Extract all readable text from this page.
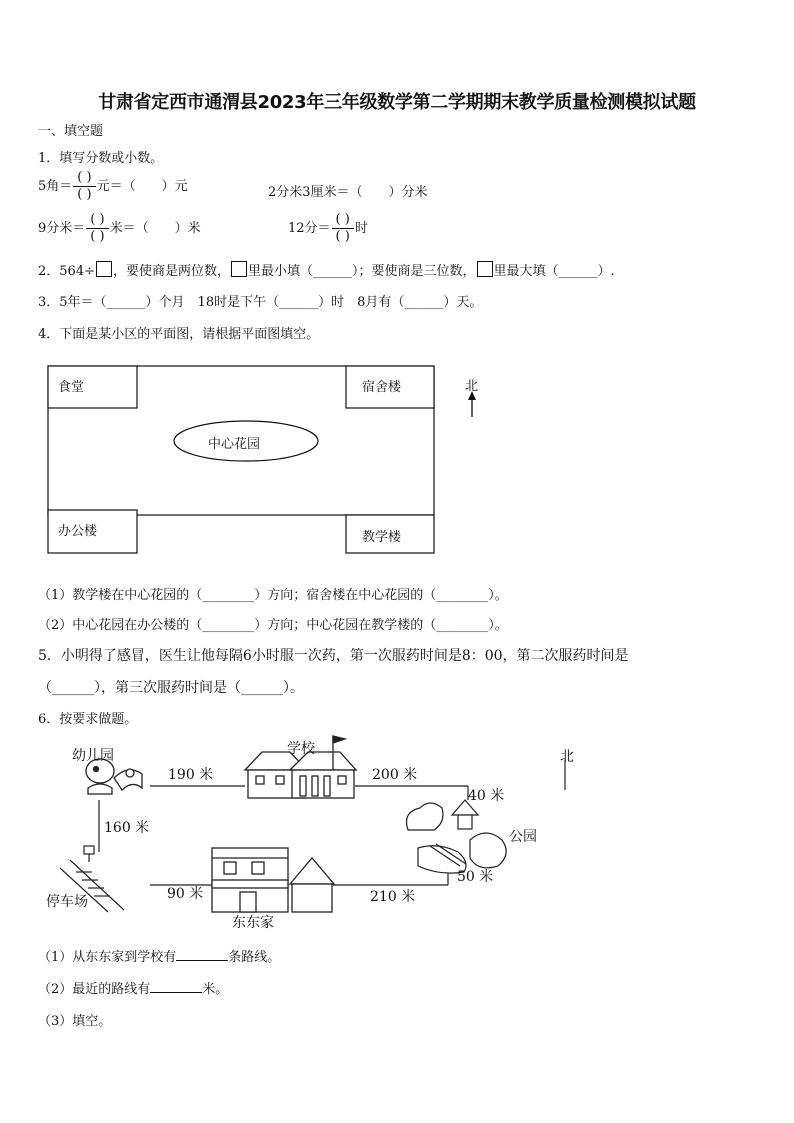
甘肃省定西市通渭县2023年三年级数学第二学期期末教学质量检测模拟试题
一、填空题
1．填写分数或小数。
5角＝ $\frac{( )}{( )}$ 元＝（　　）元	2分米3厘米＝（　　）分米
9分米＝ $\frac{( )}{( )}$ 米＝（　　）米	12分＝ $\frac{( )}{( )}$ 时
2．564÷ ，要使商是两位数， 里最小填（______）；要使商是三位数， 里最大填（______）.
3．5年＝（______）个月　18时是下午（______）时　8月有（______）天。
4．下面是某小区的平面图，请根据平面图填空。
食堂	宿舍楼
中心花园
办公楼	教学楼
北
（1）教学楼在中心花园的（________）方向；宿舍楼在中心花园的（________）。
（2）中心花园在办公楼的（________）方向；中心花园在教学楼的（________）。
5．小明得了感冒，医生让他每隔6小时服一次药，第一次服药时间是8：00，第二次服药时间是
（______），第三次服药时间是（______）。
6．按要求做题。
幼儿园	学校
公园
停车场
东东家
北
190 米	200 米
40 米
160 米
50 米
90 米	210 米
（1）从东东家到学校有	条路线。
（2）最近的路线有	米。
（3）填空。
